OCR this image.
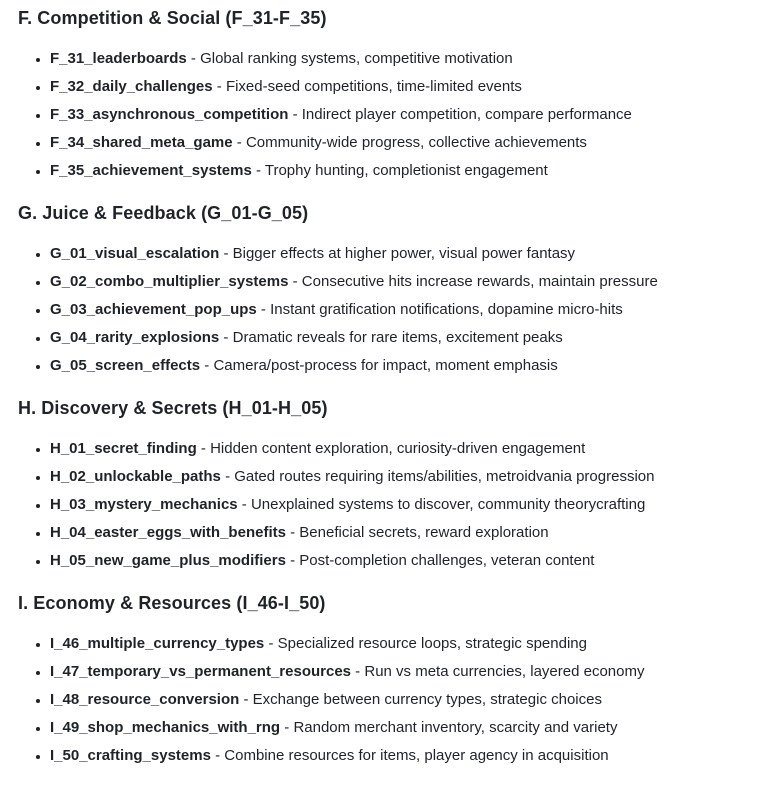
F. Competition & Social (F_31-F_35)
• F_31_leaderboards - Global ranking systems, competitive motivation
• F_32_daily_challenges - Fixed-seed competitions, time-limited events
• F_33_asynchronous_competition - Indirect player competition, compare performance
• F_34_shared_meta_game - Community-wide progress, collective achievements
• F_35_achievement_systems - Trophy hunting, completionist engagement
G. Juice & Feedback (G_01-G_05)
• G_01_visual_escalation - Bigger effects at higher power, visual power fantasy
• G_02_combo_multiplier_systems - Consecutive hits increase rewards, maintain pressure
• G_03_achievement_pop_ups - Instant gratification notifications, dopamine micro-hits
• G_04_rarity_explosions - Dramatic reveals for rare items, excitement peaks
• G_05_screen_effects - Camera/post-process for impact, moment emphasis
H. Discovery & Secrets (H_01-H_05)
• H_01_secret_finding - Hidden content exploration, curiosity-driven engagement
• H_02_unlockable_paths - Gated routes requiring items/abilities, metroidvania progression
• H_03_mystery_mechanics - Unexplained systems to discover, community theorycrafting
• H_04_easter_eggs_with_benefits - Beneficial secrets, reward exploration
• H_05_new_game_plus_modifiers - Post-completion challenges, veteran content
I. Economy & Resources (I_46-I_50)
• I_46_multiple_currency_types - Specialized resource loops, strategic spending
• I_47_temporary_vs_permanent_resources - Run vs meta currencies, layered economy
• I_48_resource_conversion - Exchange between currency types, strategic choices
• I_49_shop_mechanics_with_rng - Random merchant inventory, scarcity and variety
• I_50_crafting_systems - Combine resources for items, player agency in acquisition
